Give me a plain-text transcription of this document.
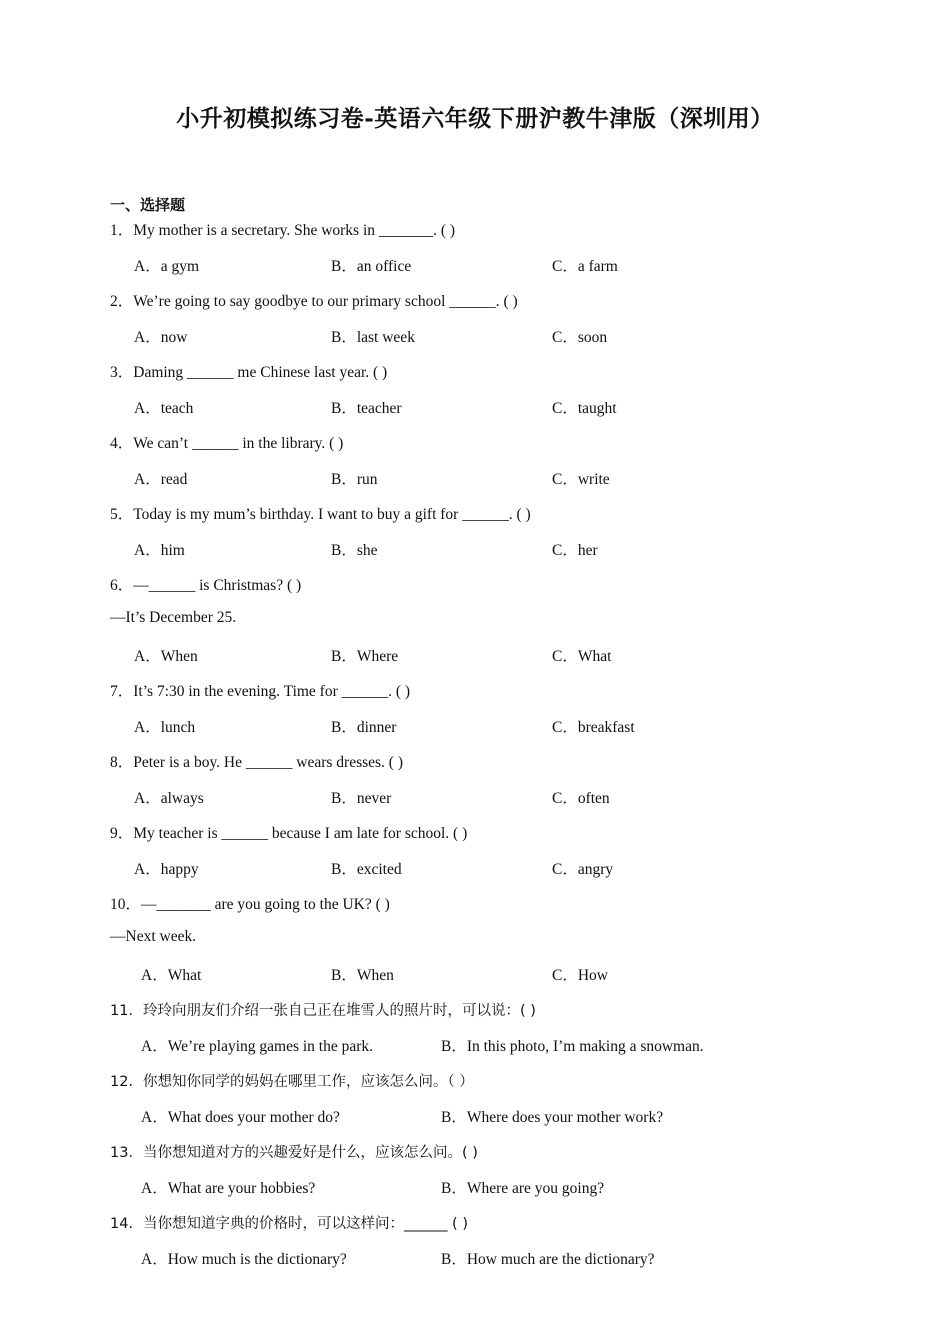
小升初模拟练习卷-英语六年级下册沪教牛津版（深圳用）
一、选择题
1．My mother is a secretary. She works in _______. ( )
A．a gym	B．an office	C．a farm
2．We’re going to say goodbye to our primary school ______. ( )
A．now	B．last week	C．soon
3．Daming ______ me Chinese last year. ( )
A．teach	B．teacher	C．taught
4．We can’t ______ in the library. ( )
A．read	B．run	C．write
5．Today is my mum’s birthday. I want to buy a gift for ______. ( )
A．him	B．she	C．her
6．—______ is Christmas? ( )
—It’s December 25.
A．When	B．Where	C．What
7．It’s 7:30 in the evening. Time for ______. ( )
A．lunch	B．dinner	C．breakfast
8．Peter is a boy. He ______ wears dresses. ( )
A．always	B．never	C．often
9．My teacher is ______ because I am late for school. ( )
A．happy	B．excited	C．angry
10．—_______ are you going to the UK? ( )
—Next week.
A．What	B．When	C．How
11．玲玲向朋友们介绍一张自己正在堆雪人的照片时，可以说：( )
A．We’re playing games in the park.	B．In this photo, I’m making a snowman.
12．你想知你同学的妈妈在哪里工作，应该怎么问。（ ）
A．What does your mother do?	B．Where does your mother work?
13．当你想知道对方的兴趣爱好是什么，应该怎么问。( )
A．What are your hobbies?	B．Where are you going?
14．当你想知道字典的价格时，可以这样问：______ ( )
A．How much is the dictionary?	B．How much are the dictionary?
